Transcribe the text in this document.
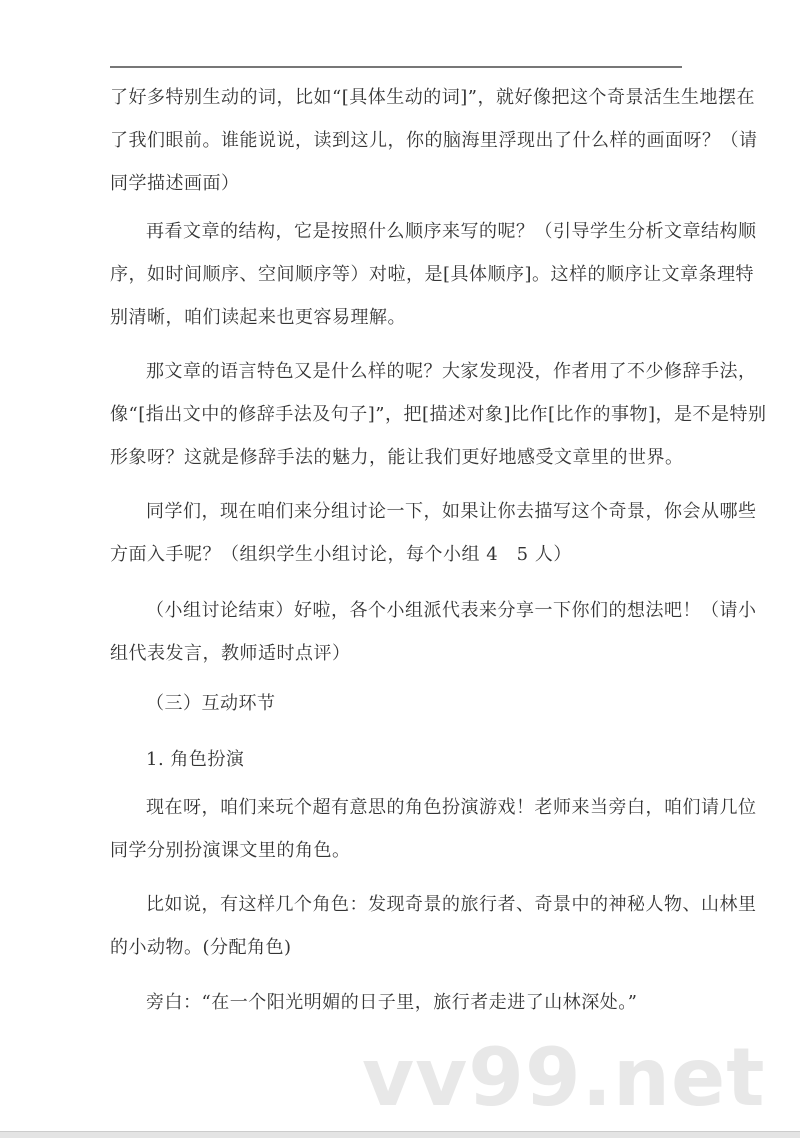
了好多特别生动的词，比如“[具体生动的词]”，就好像把这个奇景活生生地摆在
了我们眼前。谁能说说，读到这儿，你的脑海里浮现出了什么样的画面呀？（请
同学描述画面）
再看文章的结构，它是按照什么顺序来写的呢？（引导学生分析文章结构顺
序，如时间顺序、空间顺序等）对啦，是[具体顺序]。这样的顺序让文章条理特
别清晰，咱们读起来也更容易理解。
那文章的语言特色又是什么样的呢？大家发现没，作者用了不少修辞手法，
像“[指出文中的修辞手法及句子]”，把[描述对象]比作[比作的事物]，是不是特别
形象呀？这就是修辞手法的魅力，能让我们更好地感受文章里的世界。
同学们，现在咱们来分组讨论一下，如果让你去描写这个奇景，你会从哪些
方面入手呢？（组织学生小组讨论，每个小组 4　5 人）
（小组讨论结束）好啦，各个小组派代表来分享一下你们的想法吧！（请小
组代表发言，教师适时点评）
（三）互动环节
1. 角色扮演
现在呀，咱们来玩个超有意思的角色扮演游戏！老师来当旁白，咱们请几位
同学分别扮演课文里的角色。
比如说，有这样几个角色：发现奇景的旅行者、奇景中的神秘人物、山林里
的小动物。(分配角色)
旁白：“在一个阳光明媚的日子里，旅行者走进了山林深处。”
vv99.net
